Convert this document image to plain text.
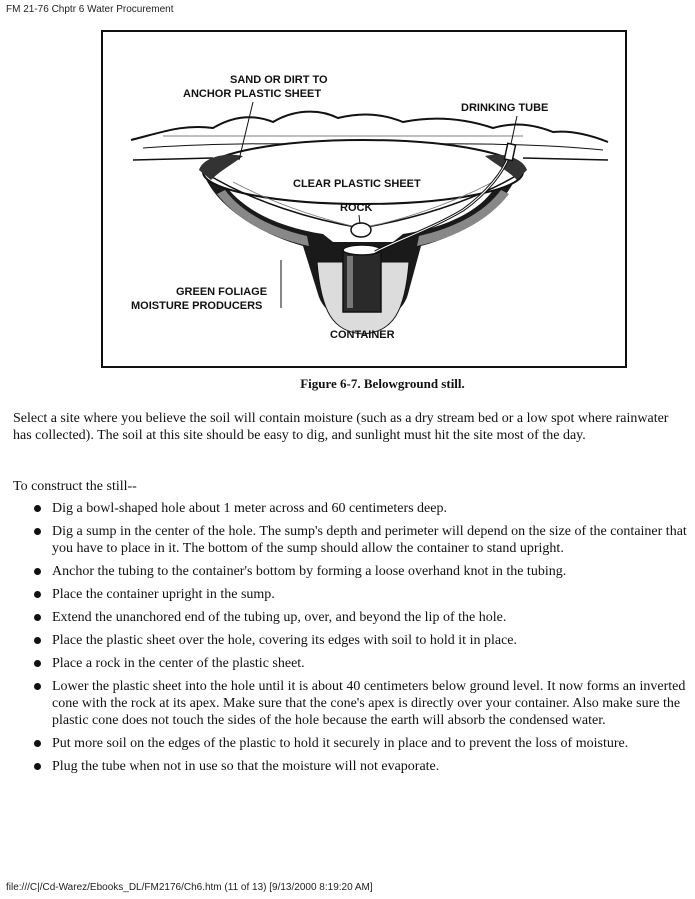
FM 21-76 Chptr 6 Water Procurement
SAND OR DIRT TO
ANCHOR PLASTIC SHEET
DRINKING TUBE
CLEAR PLASTIC SHEET
ROCK
GREEN FOLIAGE
MOISTURE PRODUCERS
CONTAINER
Figure 6-7. Belowground still.
Select a site where you believe the soil will contain moisture (such as a dry stream bed or a low spot where rainwater has collected). The soil at this site should be easy to dig, and sunlight must hit the site most of the day.
To construct the still--
Dig a bowl-shaped hole about 1 meter across and 60 centimeters deep.
Dig a sump in the center of the hole. The sump's depth and perimeter will depend on the size of the container that you have to place in it. The bottom of the sump should allow the container to stand upright.
Anchor the tubing to the container's bottom by forming a loose overhand knot in the tubing.
Place the container upright in the sump.
Extend the unanchored end of the tubing up, over, and beyond the lip of the hole.
Place the plastic sheet over the hole, covering its edges with soil to hold it in place.
Place a rock in the center of the plastic sheet.
Lower the plastic sheet into the hole until it is about 40 centimeters below ground level. It now forms an inverted cone with the rock at its apex. Make sure that the cone's apex is directly over your container. Also make sure the plastic cone does not touch the sides of the hole because the earth will absorb the condensed water.
Put more soil on the edges of the plastic to hold it securely in place and to prevent the loss of moisture.
Plug the tube when not in use so that the moisture will not evaporate.
file:///C|/Cd-Warez/Ebooks_DL/FM2176/Ch6.htm (11 of 13) [9/13/2000 8:19:20 AM]
